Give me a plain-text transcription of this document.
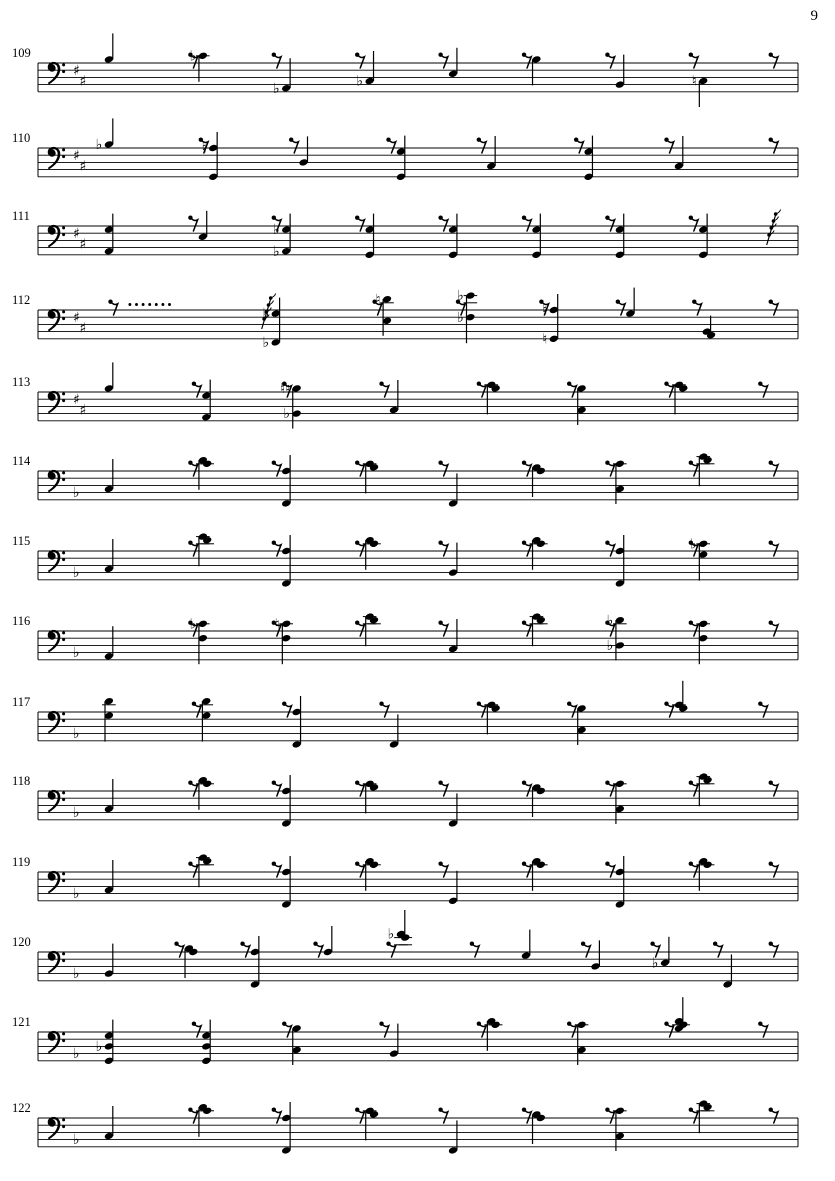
9
109
♯
♯
♭
♭	♭	♮
110
♯
♯
♭	♮
111
♯
♯
♭
♭
112
♯
♯
♭
♭
♮	♭
♭	♮
♮
113
♯
♯
♮♮
♭
114
♭
115
♭
♭
116
♭
♭	♮	♭
♭
117
♭
118
♭
119
♭
120
♭
♭
♭
121
♭ ♭
122
♭
